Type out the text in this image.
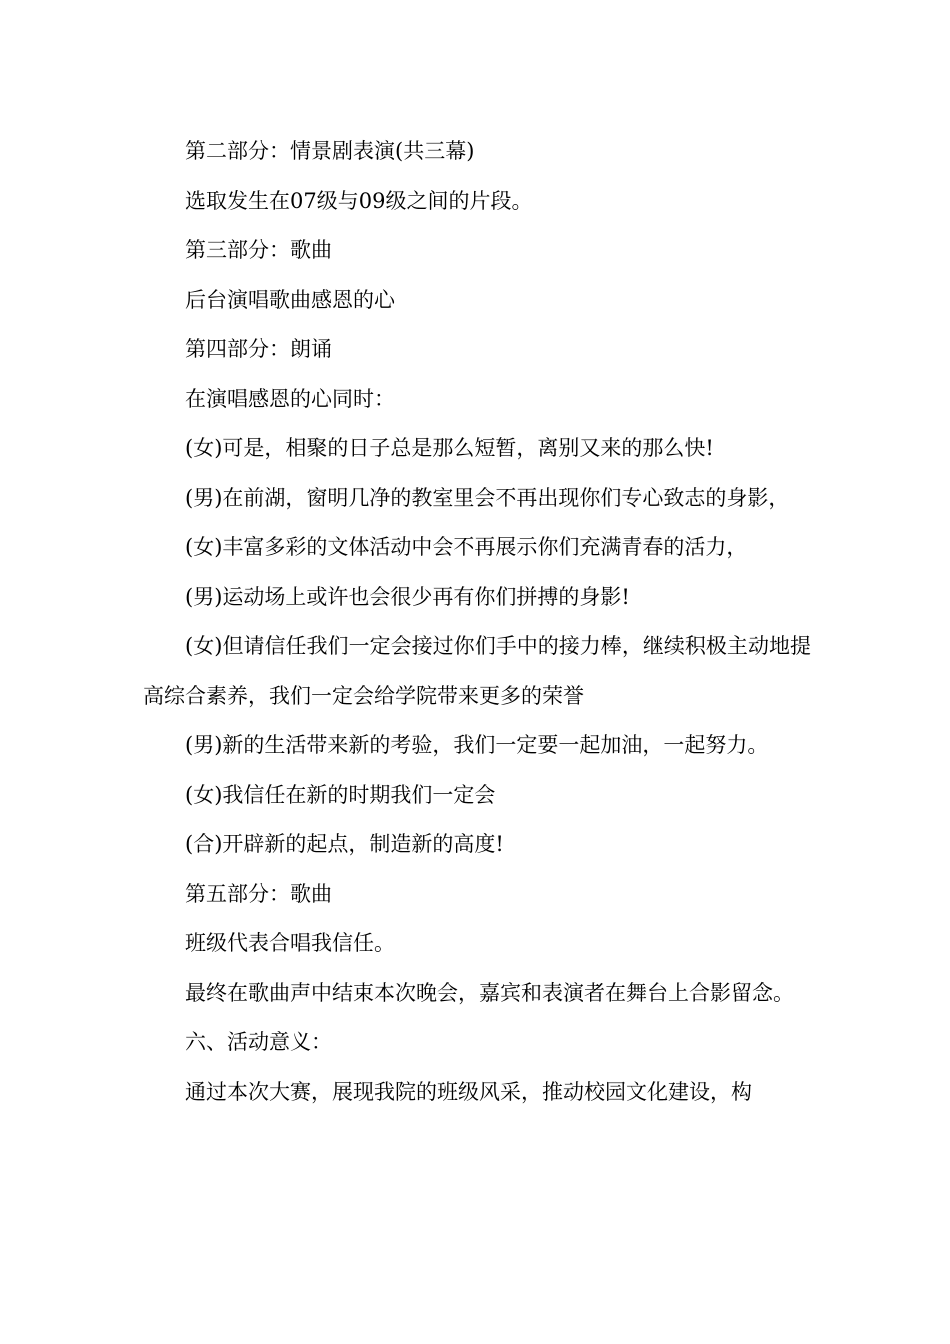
第二部分：情景剧表演(共三幕)

选取发生在07级与09级之间的片段。

第三部分：歌曲

后台演唱歌曲感恩的心

第四部分：朗诵

在演唱感恩的心同时：

(女)可是，相聚的日子总是那么短暂，离别又来的那么快!

(男)在前湖，窗明几净的教室里会不再出现你们专心致志的身影，

(女)丰富多彩的文体活动中会不再展示你们充满青春的活力，

(男)运动场上或许也会很少再有你们拼搏的身影!

(女)但请信任我们一定会接过你们手中的接力棒，继续积极主动地提高综合素养，我们一定会给学院带来更多的荣誉

(男)新的生活带来新的考验，我们一定要一起加油，一起努力。

(女)我信任在新的时期我们一定会

(合)开辟新的起点，制造新的高度!

第五部分：歌曲

班级代表合唱我信任。

最终在歌曲声中结束本次晚会，嘉宾和表演者在舞台上合影留念。

六、活动意义：

通过本次大赛，展现我院的班级风采，推动校园文化建设，构
